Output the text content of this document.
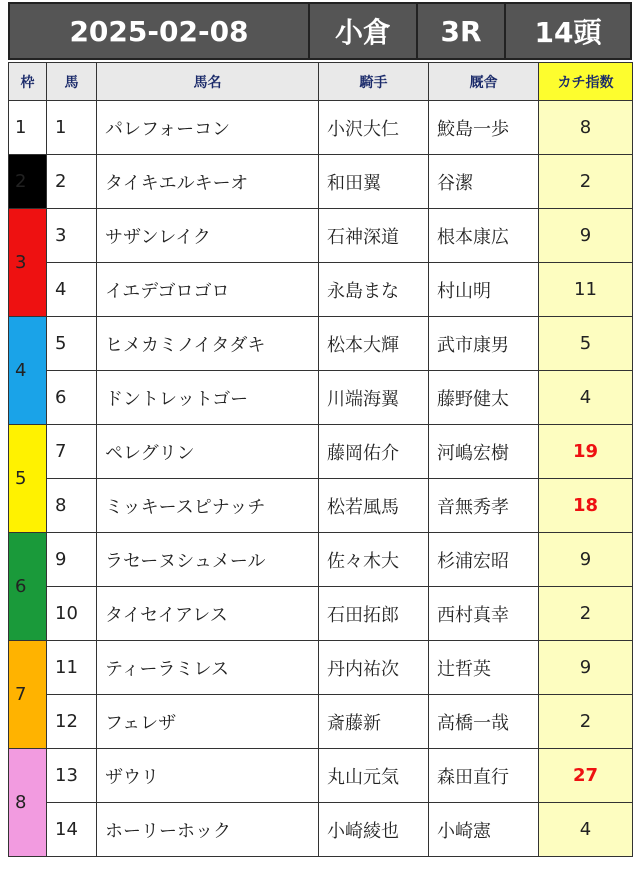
2025-02-08	小倉	3R	14頭
枠	馬	馬名	騎手	厩舎	カチ指数
1	1	パレフォーコン	小沢大仁	鮫島一歩	8
2	2	タイキエルキーオ	和田翼	谷潔	2
3	3	サザンレイク	石神深道	根本康広	9
	4	イエデゴロゴロ	永島まな	村山明	11
4	5	ヒメカミノイタダキ	松本大輝	武市康男	5
	6	ドントレットゴー	川端海翼	藤野健太	4
5	7	ペレグリン	藤岡佑介	河嶋宏樹	19
	8	ミッキースピナッチ	松若風馬	音無秀孝	18
6	9	ラセーヌシュメール	佐々木大	杉浦宏昭	9
	10	タイセイアレス	石田拓郎	西村真幸	2
7	11	ティーラミレス	丹内祐次	辻哲英	9
	12	フェレザ	斎藤新	高橋一哉	2
8	13	ザウリ	丸山元気	森田直行	27
	14	ホーリーホック	小崎綾也	小崎憲	4
